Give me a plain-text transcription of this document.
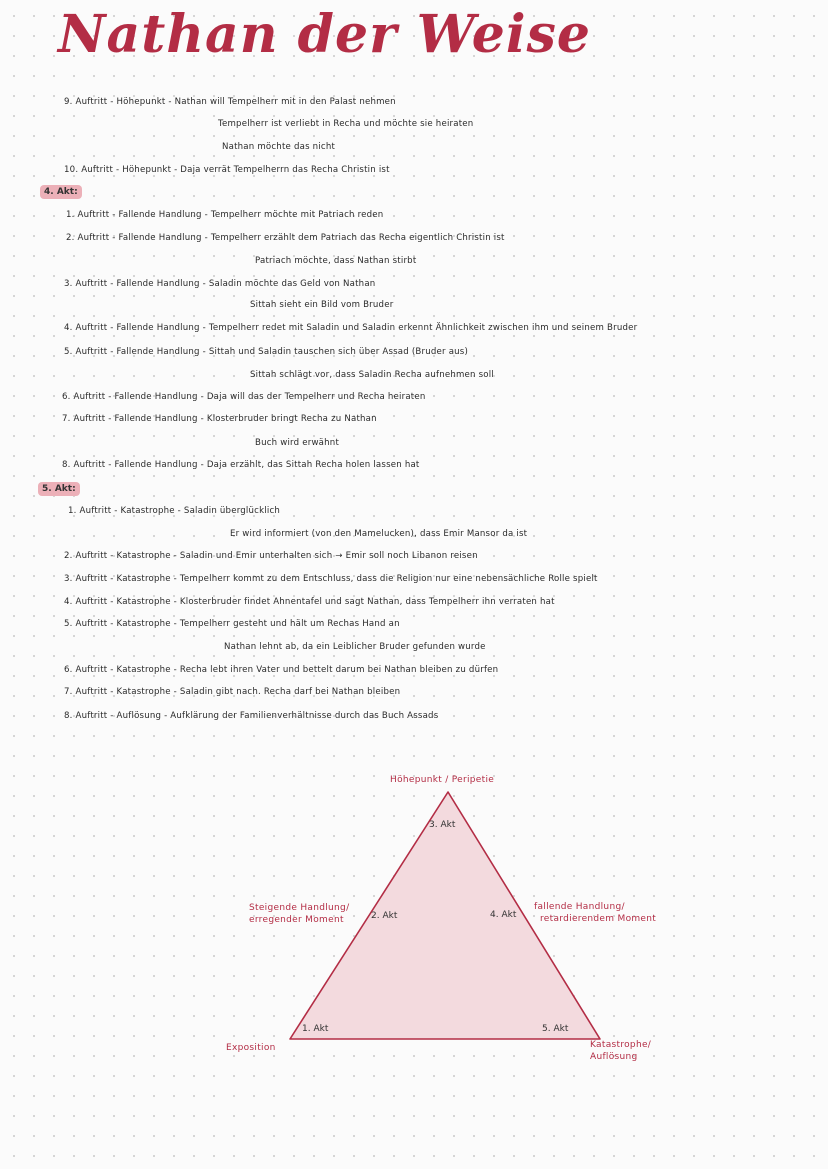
Nathan der Weise
9. Auftritt - Höhepunkt - Nathan will Tempelherr mit in den Palast nehmen
Tempelherr ist verliebt in Recha und möchte sie heiraten
Nathan möchte das nicht
10. Auftritt - Höhepunkt - Daja verrät Tempelherrn das Recha Christin ist
4. Akt:
1. Auftritt - Fallende Handlung - Tempelherr möchte mit Patriach reden
2. Auftritt - Fallende Handlung - Tempelherr erzählt dem Patriach das Recha eigentlich Christin ist
Patriach möchte, dass Nathan stirbt
3. Auftritt - Fallende Handlung - Saladin möchte das Geld von Nathan
Sittah sieht ein Bild vom Bruder
4. Auftritt - Fallende Handlung - Tempelherr redet mit Saladin und Saladin erkennt Ähnlichkeit zwischen ihm und seinem Bruder
5. Auftritt - Fallende Handlung - Sittah und Saladin tauschen sich über Assad (Bruder aus)
Sittah schlägt vor, dass Saladin Recha aufnehmen soll
6. Auftritt - Fallende Handlung - Daja will das der Tempelherr und Recha heiraten
7. Auftritt - Fallende Handlung - Klosterbruder bringt Recha zu Nathan
Buch wird erwähnt
8. Auftritt - Fallende Handlung - Daja erzählt, das Sittah Recha holen lassen hat
5. Akt:
1. Auftritt - Katastrophe - Saladin überglücklich
Er wird informiert (von den Mamelucken), dass Emir Mansor da ist
2. Auftritt - Katastrophe - Saladin und Emir unterhalten sich → Emir soll noch Libanon reisen
3. Auftritt - Katastrophe - Tempelherr kommt zu dem Entschluss, dass die Religion nur eine nebensächliche Rolle spielt
4. Auftritt - Katastrophe - Klosterbruder findet Ahnentafel und sagt Nathan, dass Tempelherr ihn verraten hat
5. Auftritt - Katastrophe - Tempelherr gesteht und hält um Rechas Hand an
Nathan lehnt ab, da ein Leiblicher Bruder gefunden wurde
6. Auftritt - Katastrophe - Recha lebt ihren Vater und bettelt darum bei Nathan bleiben zu dürfen
7. Auftritt - Katastrophe - Saladin gibt nach. Recha darf bei Nathan bleiben
8. Auftritt - Auflösung - Aufklärung der Familienverhältnisse durch das Buch Assads
Höhepunkt / Peripetie
3. Akt
Steigende Handlung/
erregender Moment	2. Akt	4. Akt
fallende Handlung/
retardierendem Moment
1. Akt	5. Akt
Exposition	Katastrophe/
Auflösung
